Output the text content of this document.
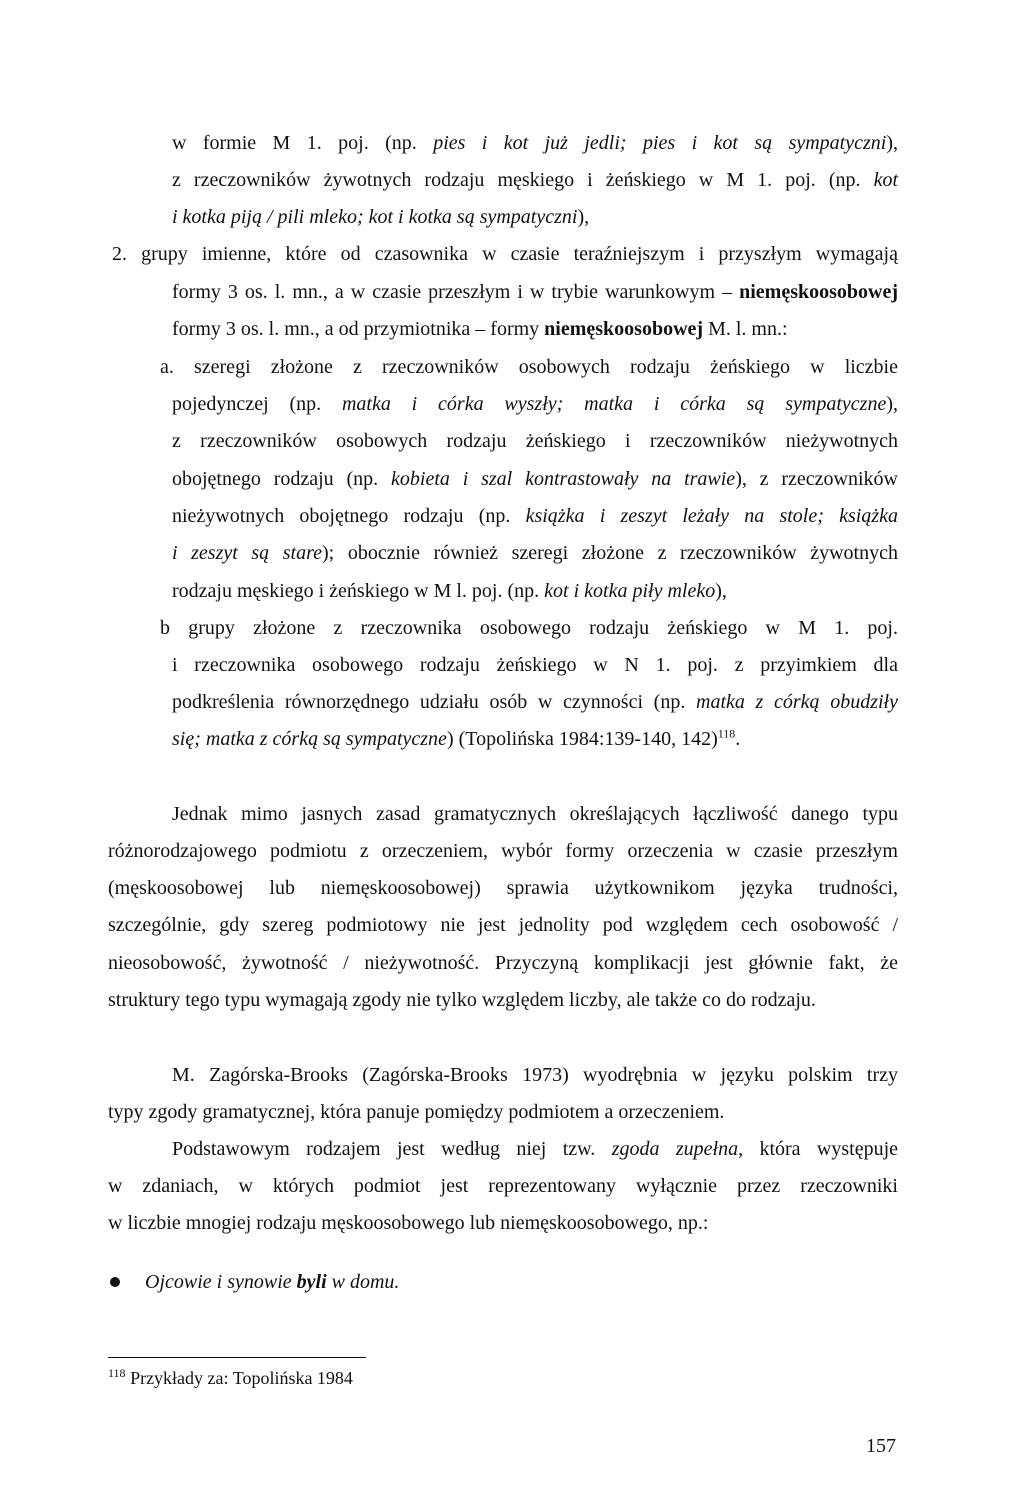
w formie M 1. poj. (np. pies i kot już jedli; pies i kot są sympatyczni),
z rzeczowników żywotnych rodzaju męskiego i żeńskiego w M 1. poj. (np. kot
i kotka piją / pili mleko; kot i kotka są sympatyczni),
2. grupy imienne, które od czasownika w czasie teraźniejszym i przyszłym wymagają
formy 3 os. l. mn., a w czasie przeszłym i w trybie warunkowym – niemęskoosobowej
formy 3 os. l. mn., a od przymiotnika – formy niemęskoosobowej M. l. mn.:
a. szeregi złożone z rzeczowników osobowych rodzaju żeńskiego w liczbie
pojedynczej (np. matka i córka wyszły; matka i córka są sympatyczne),
z rzeczowników osobowych rodzaju żeńskiego i rzeczowników nieżywotnych
obojętnego rodzaju (np. kobieta i szal kontrastowały na trawie), z rzeczowników
nieżywotnych obojętnego rodzaju (np. książka i zeszyt leżały na stole; książka
i zeszyt są stare); obocznie również szeregi złożone z rzeczowników żywotnych
rodzaju męskiego i żeńskiego w M l. poj. (np. kot i kotka piły mleko),
b grupy złożone z rzeczownika osobowego rodzaju żeńskiego w M 1. poj.
i rzeczownika osobowego rodzaju żeńskiego w N 1. poj. z przyimkiem dla
podkreślenia równorzędnego udziału osób w czynności (np. matka z córką obudziły
się; matka z córką są sympatyczne) (Topolińska 1984:139-140, 142)$^{118}$.
Jednak mimo jasnych zasad gramatycznych określających łączliwość danego typu
różnorodzajowego podmiotu z orzeczeniem, wybór formy orzeczenia w czasie przeszłym
(męskoosobowej lub niemęskoosobowej) sprawia użytkownikom języka trudności,
szczególnie, gdy szereg podmiotowy nie jest jednolity pod względem cech osobowość /
nieosobowość, żywotność / nieżywotność. Przyczyną komplikacji jest głównie fakt, że
struktury tego typu wymagają zgody nie tylko względem liczby, ale także co do rodzaju.
M. Zagórska-Brooks (Zagórska-Brooks 1973) wyodrębnia w języku polskim trzy
typy zgody gramatycznej, która panuje pomiędzy podmiotem a orzeczeniem.
Podstawowym rodzajem jest według niej tzw. zgoda zupełna, która występuje
w zdaniach, w których podmiot jest reprezentowany wyłącznie przez rzeczowniki
w liczbie mnogiej rodzaju męskoosobowego lub niemęskoosobowego, np.:
Ojcowie i synowie byli w domu.
$^{118}$ Przykłady za: Topolińska 1984
157
